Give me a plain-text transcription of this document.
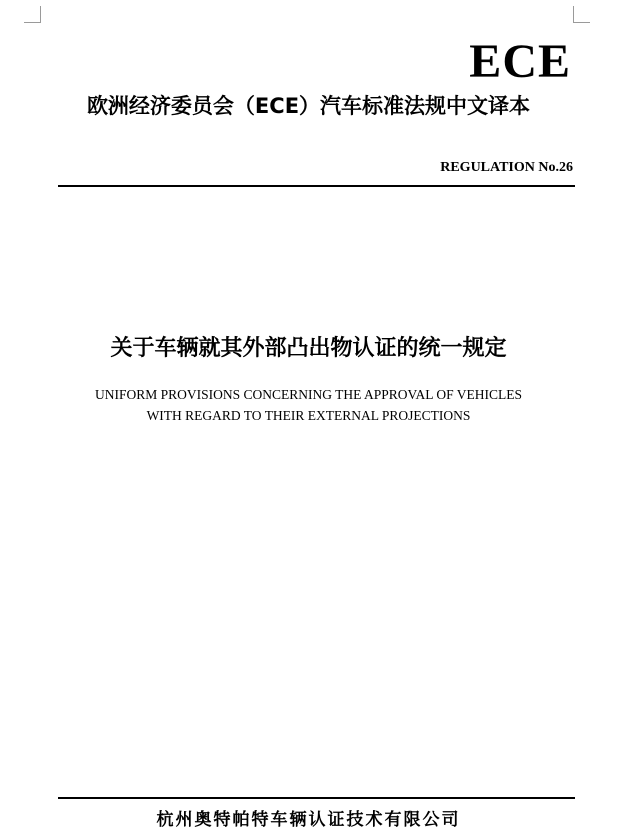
ECE
欧洲经济委员会（ECE）汽车标准法规中文译本
REGULATION No.26
关于车辆就其外部凸出物认证的统一规定
UNIFORM PROVISIONS CONCERNING THE APPROVAL OF VEHICLES
WITH REGARD TO THEIR EXTERNAL PROJECTIONS
杭州奥特帕特车辆认证技术有限公司
